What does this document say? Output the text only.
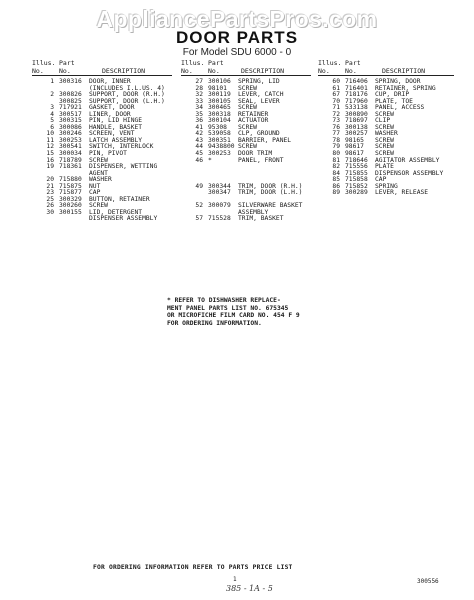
AppliancePartsPros.com
DOOR PARTS
For Model SDU 6000 - 0
Illus. Part
No. No.	DESCRIPTION
1 300316 DOOR, INNER
(INCLUDES I.L.US. 4)
2 300826 SUPPORT, DOOR (R.H.)
300825 SUPPORT, DOOR (L.H.)
3 717921 GASKET, DOOR
4 300517 LINER, DOOR
5 300315 PIN, LID HINGE
6 300086 HANDLE, BASKET
10 300246 SCREEN, VENT
11 300253 LATCH ASSEMBLY
12 300541 SWITCH, INTERLOCK
15 300034 PIN, PIVOT
16 718789 SCREW
19 718361 DISPENSER, WETTING
AGENT
20 715880 WASHER
21 715875 NUT
23 715877 CAP
25 300329 BUTTON, RETAINER
26 300260 SCREW
30 300155 LID, DETERGENT
DISPENSER ASSEMBLY
Illus. Part
No. No.	DESCRIPTION
27 300106 SPRING, LID
28 98101 SCREW
32 300119 LEVER, CATCH
33 300105 SEAL, LEVER
34 300465 SCREW
35 300318 RETAINER
36 300104 ACTUATOR
41 95308 SCREW
42 539058 CLP, GROUND
43 300351 BARRIER, PANEL
44 9438800 SCREW
45 300253 DOOR TRIM
46 *	PANEL, FRONT
49 300344 TRIM, DOOR (R.H.)
300347 TRIM, DOOR (L.H.)
52 300079 SILVERWARE BASKET
ASSEMBLY
57 715528 TRIM, BASKET
Illus. Part
No. No.	DESCRIPTION
60 716406 SPRING, DOOR
61 716401 RETAINER, SPRING
67 718176 CUP, DRIP
70 717960 PLATE, TOE
71 533138 PANEL, ACCESS
72 300890 SCREW
73 718697 CLIP
76 300138 SCREW
77 300257 WASHER
78 98165 SCREW
79 98617 SCREW
80 98617 SCREW
81 718646 AGITATOR ASSEMBLY
82 715556 PLATE
84 715855 DISPENSOR ASSEMBLY
85 715858 CAP
86 715852 SPRING
89 300289 LEVER, RELEASE
* REFER TO DISHWASHER REPLACE-
MENT PANEL PARTS LIST NO. 675345
OR MICROFICHE FILM CARD NO. 454 F 9
FOR ORDERING INFORMATION.
FOR ORDERING INFORMATION REFER TO PARTS PRICE LIST
1
385 - 1A - 5
300556
